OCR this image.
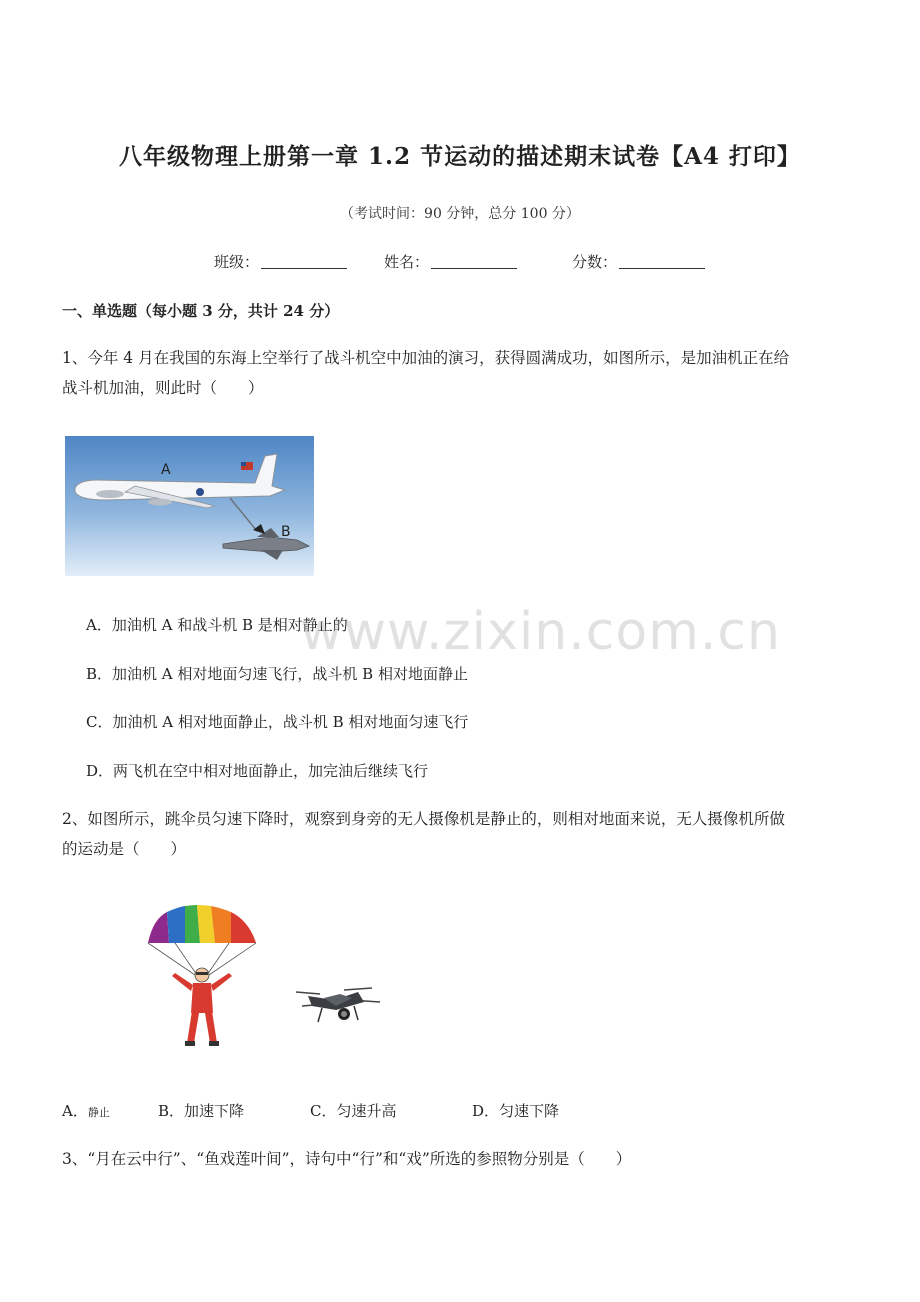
八年级物理上册第一章 1.2 节运动的描述期末试卷【A4 打印】
（考试时间：90 分钟，总分 100 分）
班级：	姓名：	分数：
一、单选题（每小题 3 分，共计 24 分）
1、今年 4 月在我国的东海上空举行了战斗机空中加油的演习，获得圆满成功，如图所示，是加油机正在给
战斗机加油，则此时（　　）
A
B
A．加油机 A 和战斗机 B 是相对静止的
B．加油机 A 相对地面匀速飞行，战斗机 B 相对地面静止
C．加油机 A 相对地面静止，战斗机 B 相对地面匀速飞行
D．两飞机在空中相对地面静止，加完油后继续飞行
www.zixin.com.cn
2、如图所示，跳伞员匀速下降时，观察到身旁的无人摄像机是静止的，则相对地面来说，无人摄像机所做
的运动是（　　）
A．静止	B．加速下降	C．匀速升高	D．匀速下降
3、“月在云中行”、“鱼戏莲叶间”，诗句中“行”和“戏”所选的参照物分别是（　　）
